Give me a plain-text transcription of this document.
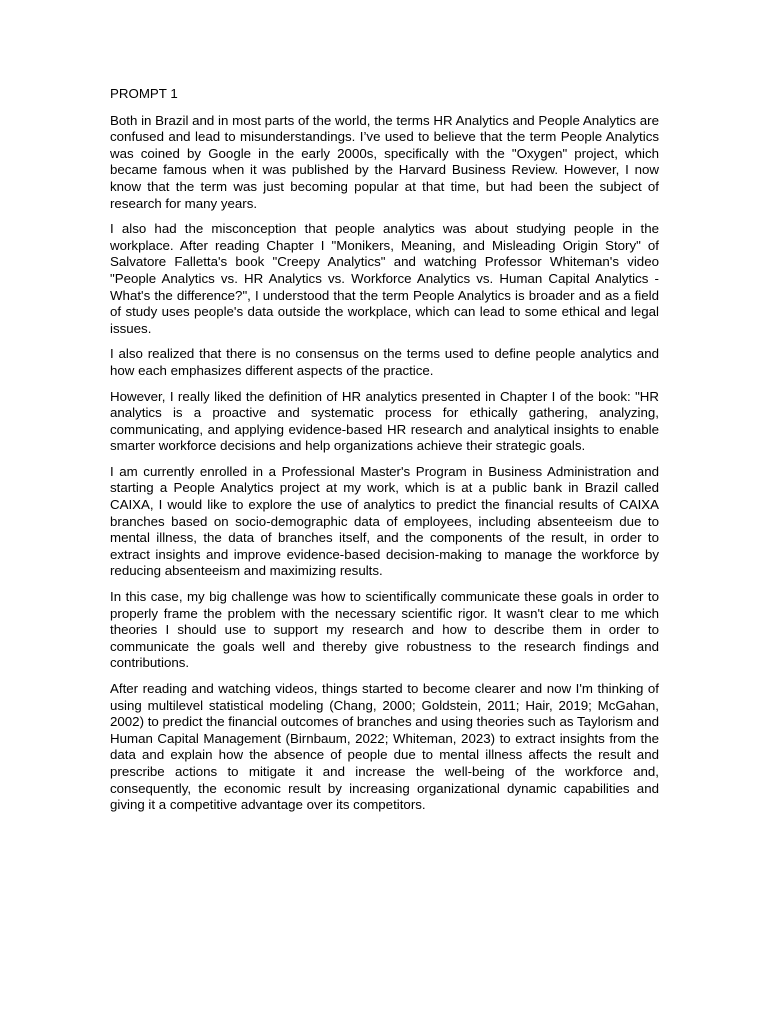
PROMPT 1

Both in Brazil and in most parts of the world, the terms HR Analytics and People Analytics are confused and lead to misunderstandings. I’ve used to believe that the term People Analytics was coined by Google in the early 2000s, specifically with the "Oxygen" project, which became famous when it was published by the Harvard Business Review. However, I now know that the term was just becoming popular at that time, but had been the subject of research for many years.

I also had the misconception that people analytics was about studying people in the workplace. After reading Chapter I "Monikers, Meaning, and Misleading Origin Story" of Salvatore Falletta's book "Creepy Analytics" and watching Professor Whiteman's video "People Analytics vs. HR Analytics vs. Workforce Analytics vs. Human Capital Analytics - What's the difference?", I understood that the term People Analytics is broader and as a field of study uses people's data outside the workplace, which can lead to some ethical and legal issues.

I also realized that there is no consensus on the terms used to define people analytics and how each emphasizes different aspects of the practice.

However, I really liked the definition of HR analytics presented in Chapter I of the book: "HR analytics is a proactive and systematic process for ethically gathering, analyzing, communicating, and applying evidence-based HR research and analytical insights to enable smarter workforce decisions and help organizations achieve their strategic goals.

I am currently enrolled in a Professional Master's Program in Business Administration and starting a People Analytics project at my work, which is at a public bank in Brazil called CAIXA, I would like to explore the use of analytics to predict the financial results of CAIXA branches based on socio-demographic data of employees, including absenteeism due to mental illness, the data of branches itself, and the components of the result, in order to extract insights and improve evidence-based decision-making to manage the workforce by reducing absenteeism and maximizing results.

In this case, my big challenge was how to scientifically communicate these goals in order to properly frame the problem with the necessary scientific rigor. It wasn't clear to me which theories I should use to support my research and how to describe them in order to communicate the goals well and thereby give robustness to the research findings and contributions.

After reading and watching videos, things started to become clearer and now I'm thinking of using multilevel statistical modeling (Chang, 2000; Goldstein, 2011; Hair, 2019; McGahan, 2002) to predict the financial outcomes of branches and using theories such as Taylorism and Human Capital Management (Birnbaum, 2022; Whiteman, 2023) to extract insights from the data and explain how the absence of people due to mental illness affects the result and prescribe actions to mitigate it and increase the well-being of the workforce and, consequently, the economic result by increasing organizational dynamic capabilities and giving it a competitive advantage over its competitors.
